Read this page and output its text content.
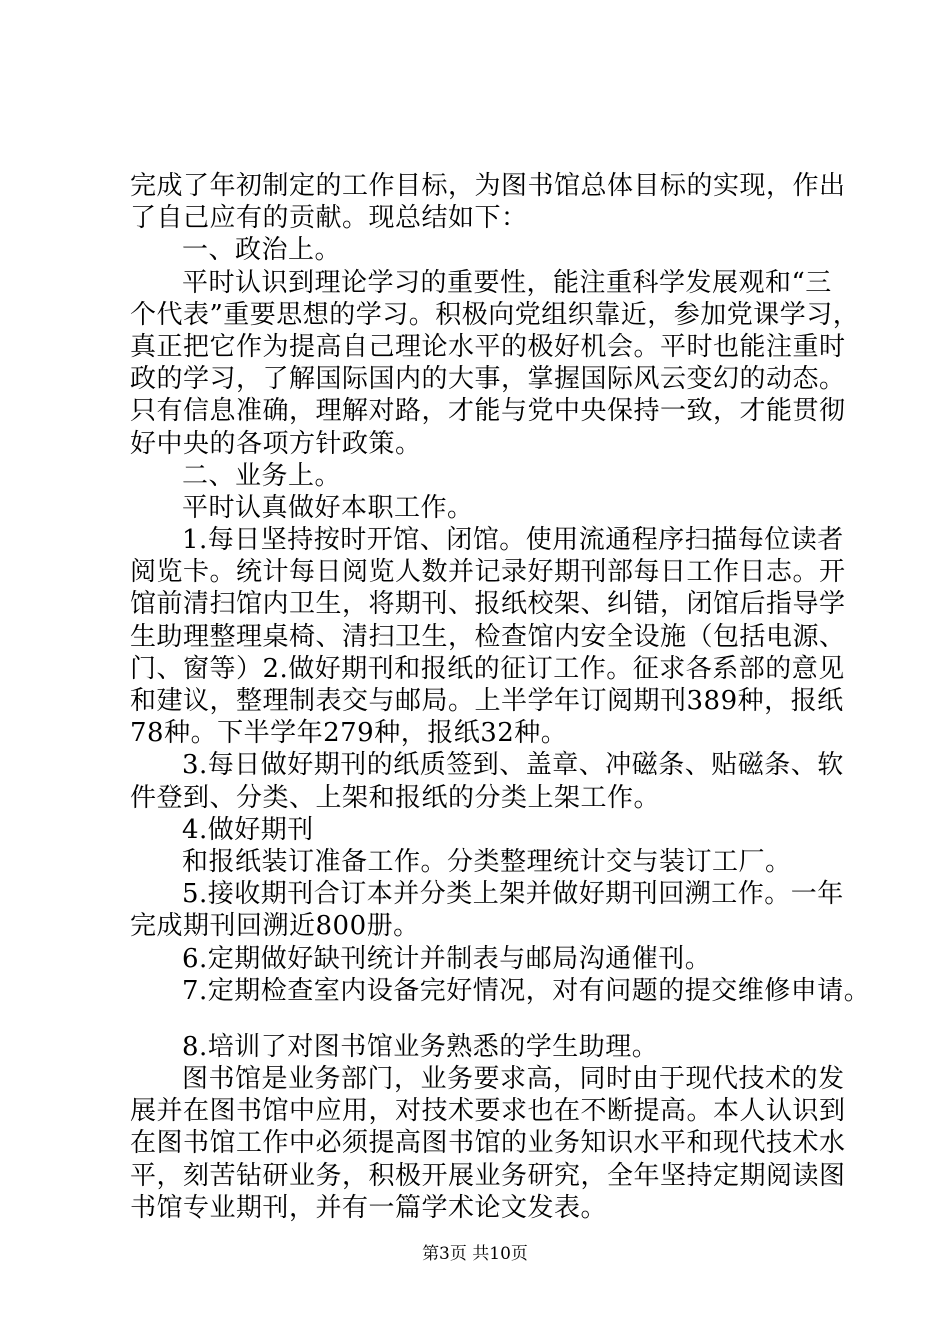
完成了年初制定的工作目标，为图书馆总体目标的实现，作出
了自己应有的贡献。现总结如下：
一、政治上。
平时认识到理论学习的重要性，能注重科学发展观和“三
个代表”重要思想的学习。积极向党组织靠近，参加党课学习，
真正把它作为提高自己理论水平的极好机会。平时也能注重时
政的学习，了解国际国内的大事，掌握国际风云变幻的动态。
只有信息准确，理解对路，才能与党中央保持一致，才能贯彻
好中央的各项方针政策。
二、业务上。
平时认真做好本职工作。
1.每日坚持按时开馆、闭馆。使用流通程序扫描每位读者
阅览卡。统计每日阅览人数并记录好期刊部每日工作日志。开
馆前清扫馆内卫生，将期刊、报纸校架、纠错，闭馆后指导学
生助理整理桌椅、清扫卫生，检查馆内安全设施（包括电源、
门、窗等）2.做好期刊和报纸的征订工作。征求各系部的意见
和建议，整理制表交与邮局。上半学年订阅期刊389种，报纸
78种。下半学年279种，报纸32种。
3.每日做好期刊的纸质签到、盖章、冲磁条、贴磁条、软
件登到、分类、上架和报纸的分类上架工作。
4.做好期刊
和报纸装订准备工作。分类整理统计交与装订工厂。
5.接收期刊合订本并分类上架并做好期刊回溯工作。一年
完成期刊回溯近800册。
6.定期做好缺刊统计并制表与邮局沟通催刊。
7.定期检查室内设备完好情况，对有问题的提交维修申请。
8.培训了对图书馆业务熟悉的学生助理。
图书馆是业务部门，业务要求高，同时由于现代技术的发
展并在图书馆中应用，对技术要求也在不断提高。本人认识到
在图书馆工作中必须提高图书馆的业务知识水平和现代技术水
平，刻苦钻研业务，积极开展业务研究，全年坚持定期阅读图
书馆专业期刊，并有一篇学术论文发表。
第3页 共10页
